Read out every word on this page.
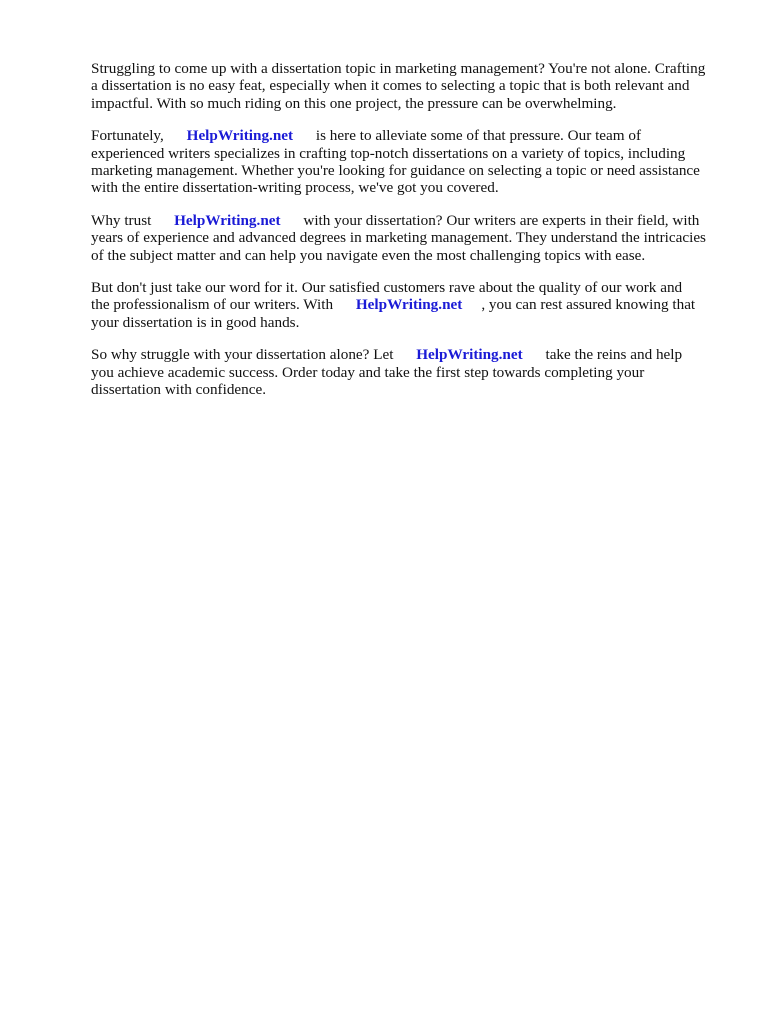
Struggling to come up with a dissertation topic in marketing management? You're not alone. Crafting
a dissertation is no easy feat, especially when it comes to selecting a topic that is both relevant and
impactful. With so much riding on this one project, the pressure can be overwhelming.

Fortunately,      HelpWriting.net      is here to alleviate some of that pressure. Our team of
experienced writers specializes in crafting top-notch dissertations on a variety of topics, including
marketing management. Whether you're looking for guidance on selecting a topic or need assistance
with the entire dissertation-writing process, we've got you covered.

Why trust      HelpWriting.net      with your dissertation? Our writers are experts in their field, with
years of experience and advanced degrees in marketing management. They understand the intricacies
of the subject matter and can help you navigate even the most challenging topics with ease.

But don't just take our word for it. Our satisfied customers rave about the quality of our work and
the professionalism of our writers. With      HelpWriting.net     , you can rest assured knowing that
your dissertation is in good hands.

So why struggle with your dissertation alone? Let      HelpWriting.net      take the reins and help
you achieve academic success. Order today and take the first step towards completing your
dissertation with confidence.
